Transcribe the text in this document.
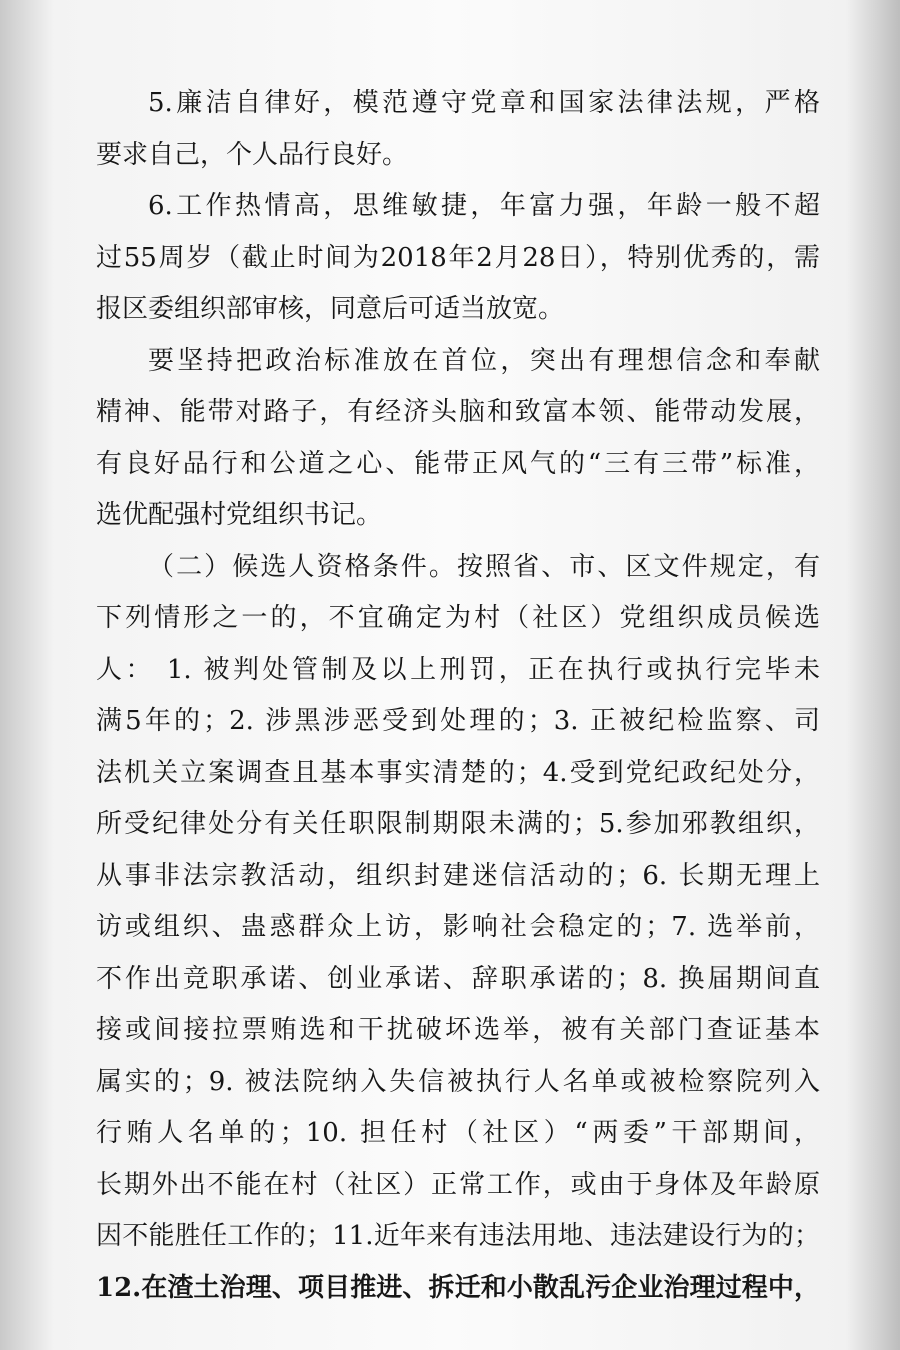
5.廉洁自律好，模范遵守党章和国家法律法规，严格
要求自己，个人品行良好。
6.工作热情高，思维敏捷，年富力强，年龄一般不超
过55周岁（截止时间为2018年2月28日），特别优秀的，需
报区委组织部审核，同意后可适当放宽。
要坚持把政治标准放在首位，突出有理想信念和奉献
精神、能带对路子，有经济头脑和致富本领、能带动发展，
有良好品行和公道之心、能带正风气的“三有三带”标准，
选优配强村党组织书记。
（二）候选人资格条件。按照省、市、区文件规定，有
下列情形之一的，不宜确定为村（社区）党组织成员候选
人： 1. 被判处管制及以上刑罚，正在执行或执行完毕未
满5年的；2. 涉黑涉恶受到处理的；3. 正被纪检监察、司
法机关立案调查且基本事实清楚的；4.受到党纪政纪处分，
所受纪律处分有关任职限制期限未满的；5.参加邪教组织，
从事非法宗教活动，组织封建迷信活动的；6. 长期无理上
访或组织、蛊惑群众上访，影响社会稳定的；7. 选举前，
不作出竞职承诺、创业承诺、辞职承诺的；8. 换届期间直
接或间接拉票贿选和干扰破坏选举，被有关部门查证基本
属实的；9. 被法院纳入失信被执行人名单或被检察院列入
行贿人名单的；10. 担任村（社区）“两委”干部期间，
长期外出不能在村（社区）正常工作，或由于身体及年龄原
因不能胜任工作的；11.近年来有违法用地、违法建设行为的；
12.在渣土治理、项目推进、拆迁和小散乱污企业治理过程中，
